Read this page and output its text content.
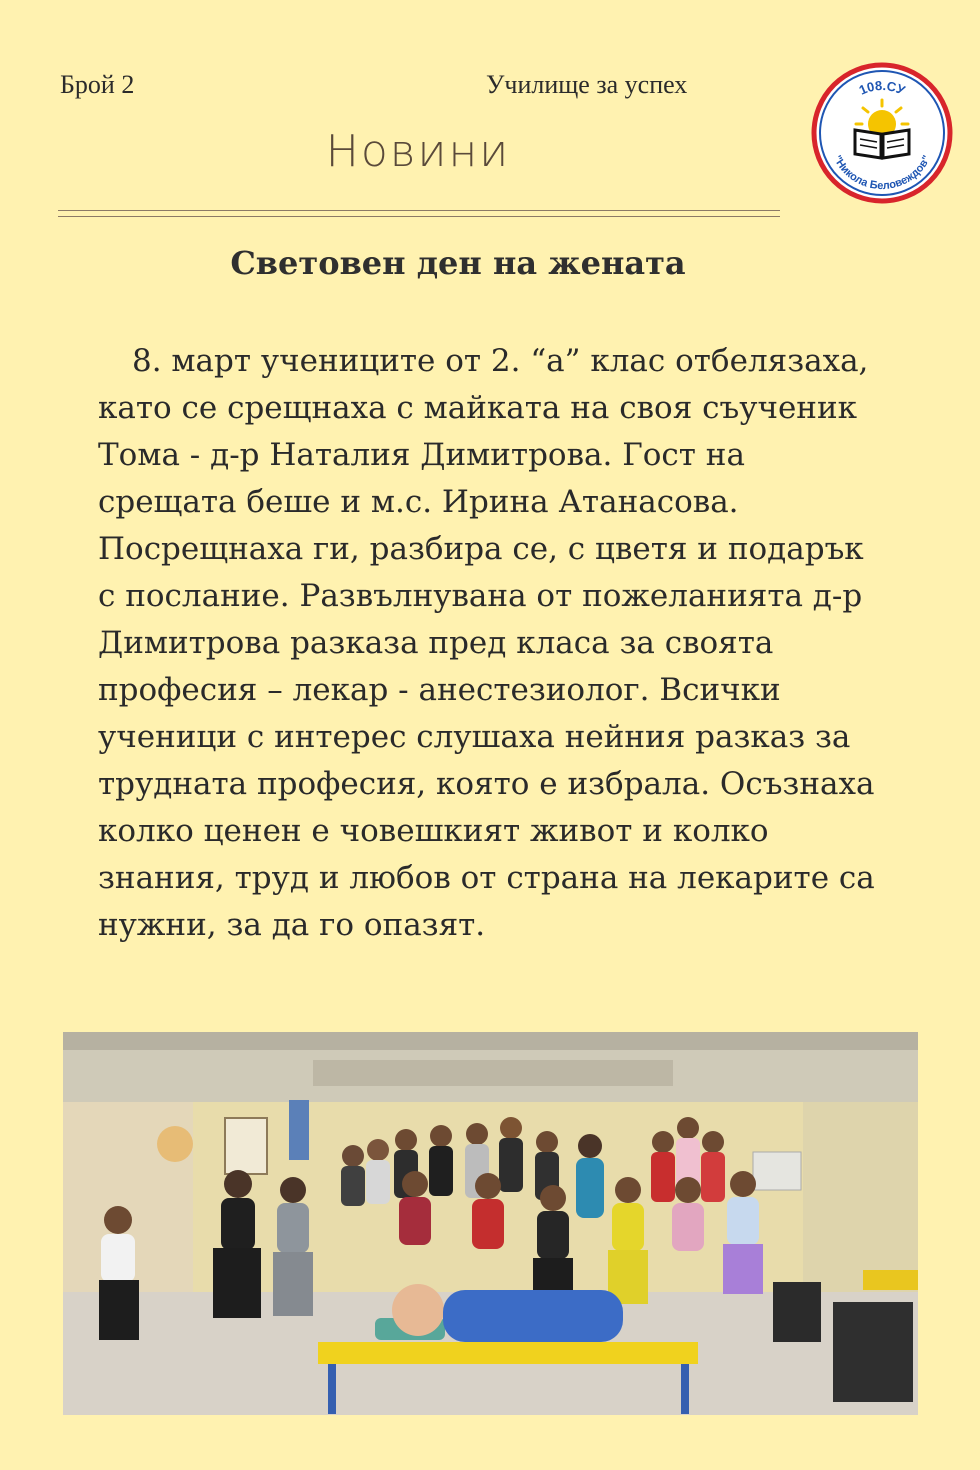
Брой 2	Училище за успех
Новини
108.СУ
"Никола Беловеждов"
Световен ден на жената

8. март учениците от 2. “а” клас отбелязаха, като се срещнаха с майката на своя съученик Тома - д-р Наталия Димитрова. Гост на срещата беше и м.с. Ирина Атанасова. Посрещнаха ги, разбира се, с цветя и подарък с послание. Развълнувана от пожеланията д-р Димитрова разказа пред класа за своята професия – лекар - анестезиолог. Всички ученици с интерес слушаха нейния разказ за трудната професия, която е избрала. Осъзнаха колко ценен е човешкият живот и колко знания, труд и любов от страна на лекарите са нужни, за да го опазят.
